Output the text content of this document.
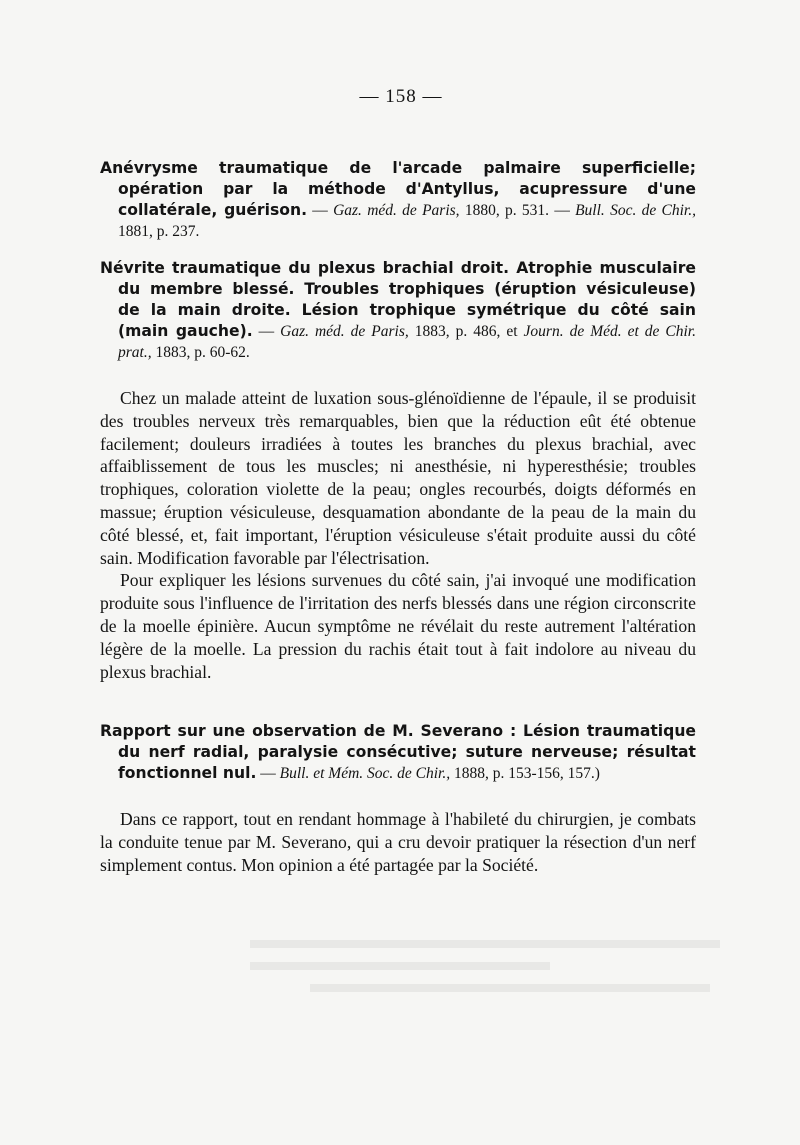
— 158 —

Anévrysme traumatique de l'arcade palmaire superficielle; opération par la méthode d'Antyllus, acupressure d'une collatérale, guérison. — Gaz. méd. de Paris, 1880, p. 531. — Bull. Soc. de Chir., 1881, p. 237.

Névrite traumatique du plexus brachial droit. Atrophie musculaire du membre blessé. Troubles trophiques (éruption vésiculeuse) de la main droite. Lésion trophique symétrique du côté sain (main gauche). — Gaz. méd. de Paris, 1883, p. 486, et Journ. de Méd. et de Chir. prat., 1883, p. 60-62.

Chez un malade atteint de luxation sous-glénoïdienne de l'épaule, il se produisit des troubles nerveux très remarquables, bien que la réduction eût été obtenue facilement; douleurs irradiées à toutes les branches du plexus brachial, avec affaiblissement de tous les muscles; ni anesthésie, ni hyperesthésie; troubles trophiques, coloration violette de la peau; ongles recourbés, doigts déformés en massue; éruption vésiculeuse, desquamation abondante de la peau de la main du côté blessé, et, fait important, l'éruption vésiculeuse s'était produite aussi du côté sain. Modification favorable par l'électrisation.

Pour expliquer les lésions survenues du côté sain, j'ai invoqué une modification produite sous l'influence de l'irritation des nerfs blessés dans une région circonscrite de la moelle épinière. Aucun symptôme ne révélait du reste autrement l'altération légère de la moelle. La pression du rachis était tout à fait indolore au niveau du plexus brachial.

Rapport sur une observation de M. Severano : Lésion traumatique du nerf radial, paralysie consécutive; suture nerveuse; résultat fonctionnel nul. — Bull. et Mém. Soc. de Chir., 1888, p. 153-156, 157.)

Dans ce rapport, tout en rendant hommage à l'habileté du chirurgien, je combats la conduite tenue par M. Severano, qui a cru devoir pratiquer la résection d'un nerf simplement contus. Mon opinion a été partagée par la Société.
